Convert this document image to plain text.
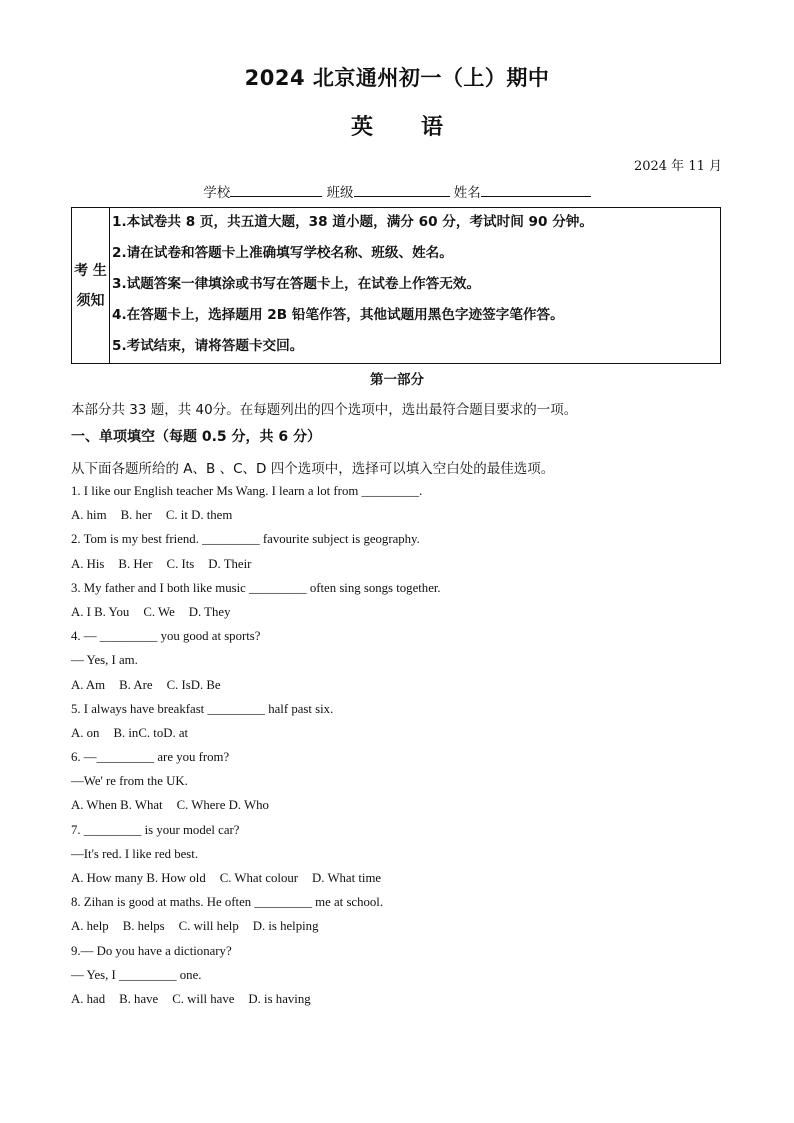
2024 北京通州初一（上）期中
英 语
2024 年 11 月
学校	班级	姓名
考 生
须知
1.本试卷共 8 页，共五道大题，38 道小题，满分 60 分，考试时间 90 分钟。
2.请在试卷和答题卡上准确填写学校名称、班级、姓名。
3.试题答案一律填涂或书写在答题卡上，在试卷上作答无效。
4.在答题卡上，选择题用 2B 铅笔作答，其他试题用黑色字迹签字笔作答。
5.考试结束，请将答题卡交回。
第一部分
本部分共 33 题，共 40分。在每题列出的四个选项中，选出最符合题目要求的一项。
一、单项填空（每题 0.5 分，共 6 分）
从下面各题所给的 A、B 、C、D 四个选项中，选择可以填入空白处的最佳选项。
1. I like our English teacher Ms Wang. I learn a lot from _________.
A. him B. her C. it D. them
2. Tom is my best friend. _________ favourite subject is geography.
A. His B. Her C. Its D. Their
3. My father and I both like music _________ often sing songs together.
A. I B. You C. We D. They
4. — _________ you good at sports?
— Yes, I am.
A. Am B. Are C. IsD. Be
5. I always have breakfast _________ half past six.
A. on B. inC. toD. at
6. —_________ are you from?
—We' re from the UK.
A. When B. What C. Where D. Who
7. _________ is your model car?
—It's red. I like red best.
A. How many B. How old C. What colour D. What time
8. Zihan is good at maths. He often _________ me at school.
A. help B. helps C. will help D. is helping
9.— Do you have a dictionary?
— Yes, I _________ one.
A. had B. have C. will have D. is having
